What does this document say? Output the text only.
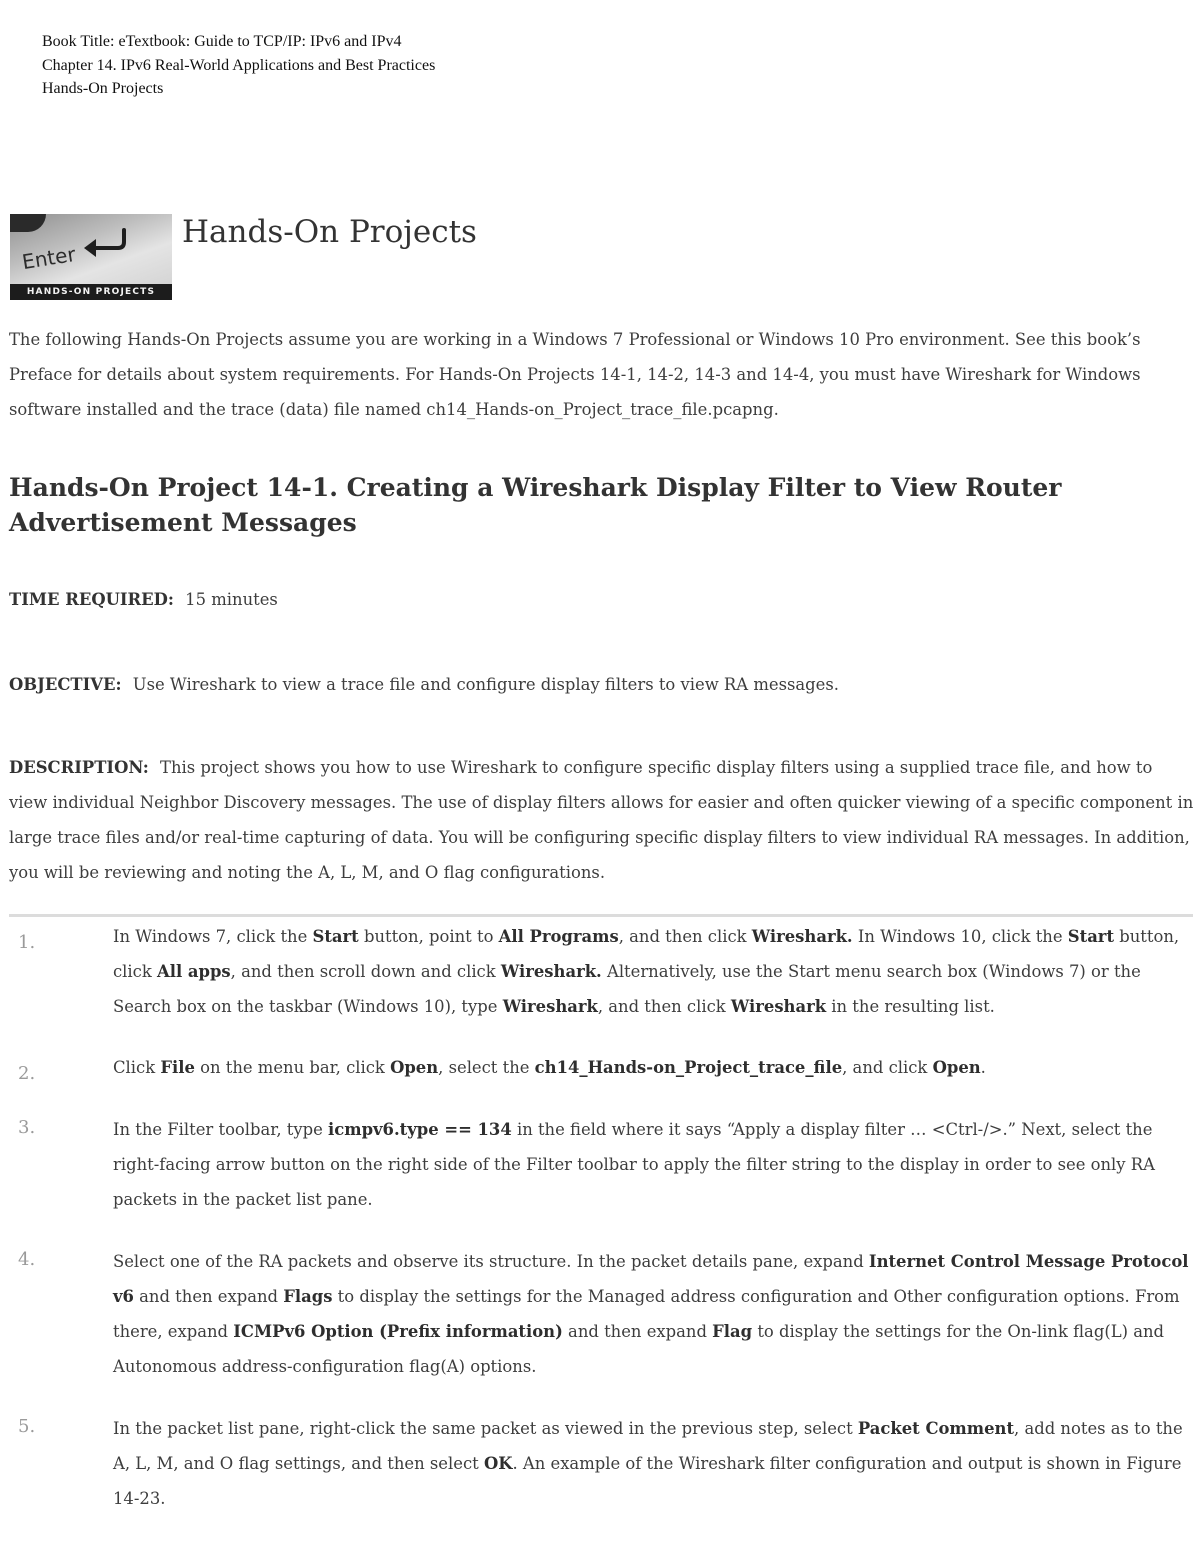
Book Title: eTextbook: Guide to TCP/IP: IPv6 and IPv4
Chapter 14. IPv6 Real-World Applications and Best Practices
Hands-On Projects
Enter
HANDS-ON PROJECTS
Hands-On Projects
The following Hands-On Projects assume you are working in a Windows 7 Professional or Windows 10 Pro environment. See this book’s Preface for details about system requirements. For Hands-On Projects 14-1, 14-2, 14-3 and 14-4, you must have Wireshark for Windows software installed and the trace (data) file named ch14_Hands-on_Project_trace_file.pcapng.
Hands-On Project 14-1. Creating a Wireshark Display Filter to View Router Advertisement Messages
TIME REQUIRED: 15 minutes
OBJECTIVE: Use Wireshark to view a trace file and configure display filters to view RA messages.
DESCRIPTION: This project shows you how to use Wireshark to configure specific display filters using a supplied trace file, and how to view individual Neighbor Discovery messages. The use of display filters allows for easier and often quicker viewing of a specific component in large trace files and/or real-time capturing of data. You will be configuring specific display filters to view individual RA messages. In addition, you will be reviewing and noting the A, L, M, and O flag configurations.
1.	In Windows 7, click the Start button, point to All Programs, and then click Wireshark. In Windows 10, click the Start button, click All apps, and then scroll down and click Wireshark. Alternatively, use the Start menu search box (Windows 7) or the Search box on the taskbar (Windows 10), type Wireshark, and then click Wireshark in the resulting list.
2.	Click File on the menu bar, click Open, select the ch14_Hands-on_Project_trace_file, and click Open.
3.	In the Filter toolbar, type icmpv6.type == 134 in the field where it says “Apply a display filter … <Ctrl-/>.” Next, select the right-facing arrow button on the right side of the Filter toolbar to apply the filter string to the display in order to see only RA packets in the packet list pane.
4.	Select one of the RA packets and observe its structure. In the packet details pane, expand Internet Control Message Protocol v6 and then expand Flags to display the settings for the Managed address configuration and Other configuration options. From there, expand ICMPv6 Option (Prefix information) and then expand Flag to display the settings for the On-link flag(L) and Autonomous address-configuration flag(A) options.
5.	In the packet list pane, right-click the same packet as viewed in the previous step, select Packet Comment, add notes as to the A, L, M, and O flag settings, and then select OK. An example of the Wireshark filter configuration and output is shown in Figure 14-23.
